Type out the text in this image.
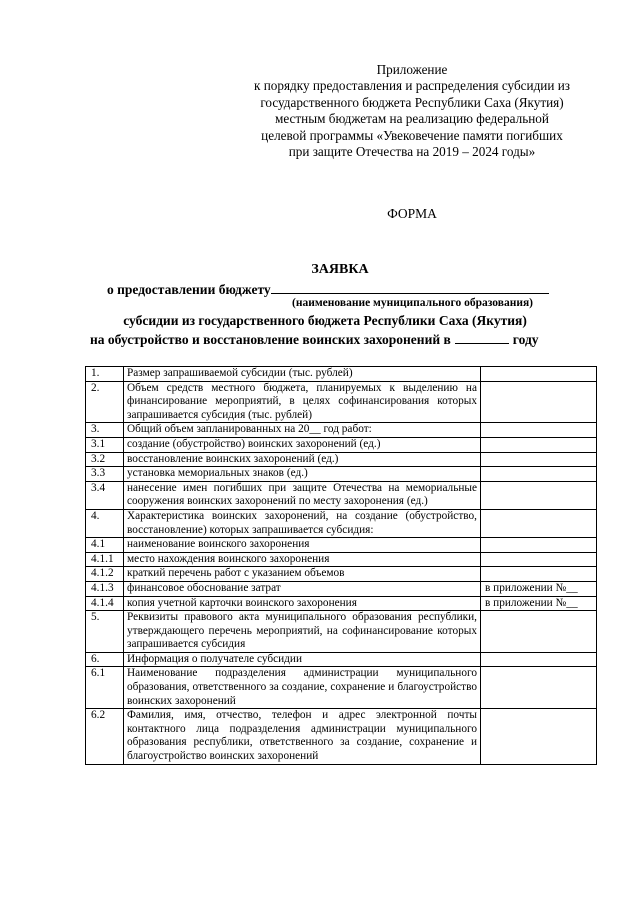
Приложение
к порядку предоставления и распределения субсидии из
государственного бюджета Республики Саха (Якутия)
местным бюджетам на реализацию федеральной
целевой программы «Увековечение памяти погибших
при защите Отечества на 2019 – 2024 годы»
ФОРМА
ЗАЯВКА
о предоставлении бюджету
(наименование муниципального образования)
субсидии из государственного бюджета Республики Саха (Якутия)
на обустройство и восстановление воинских захоронений в	году
1.	Размер запрашиваемой субсидии (тыс. рублей)	
2.	Объем средств местного бюджета, планируемых к выделению на финансирование мероприятий, в целях софинансирования которых запрашивается субсидия (тыс. рублей)	
3.	Общий объем запланированных на 20__ год работ:	
3.1	создание (обустройство) воинских захоронений (ед.)	
3.2	восстановление воинских захоронений (ед.)	
3.3	установка мемориальных знаков (ед.)	
3.4	нанесение имен погибших при защите Отечества на мемориальные сооружения воинских захоронений по месту захоронения (ед.)	
4.	Характеристика воинских захоронений, на создание (обустройство, восстановление) которых запрашивается субсидия:	
4.1	наименование воинского захоронения	
4.1.1	место нахождения воинского захоронения	
4.1.2	краткий перечень работ с указанием объемов	
4.1.3	финансовое обоснование затрат	в приложении №__
4.1.4	копия учетной карточки воинского захоронения	в приложении №__
5.	Реквизиты правового акта муниципального образования республики, утверждающего перечень мероприятий, на софинансирование которых запрашивается субсидия	
6.	Информация о получателе субсидии	
6.1	Наименование подразделения администрации муниципального образования, ответственного за создание, сохранение и благоустройство воинских захоронений	
6.2	Фамилия, имя, отчество, телефон и адрес электронной почты контактного лица подразделения администрации муниципального образования республики, ответственного за создание, сохранение и благоустройство воинских захоронений	
